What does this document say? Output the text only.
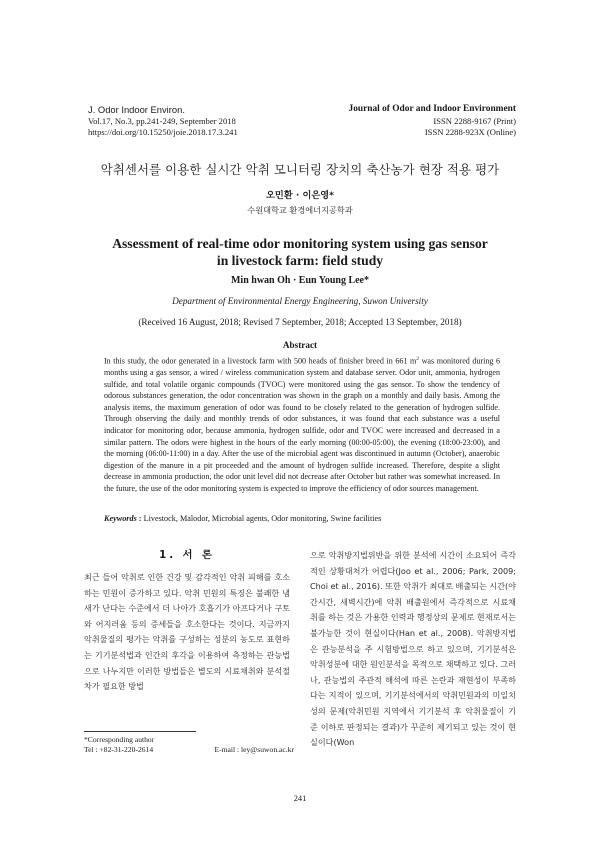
J. Odor Indoor Environ.
Vol.17, No.3, pp.241-249, September 2018
https://doi.org/10.15250/joie.2018.17.3.241
Journal of Odor and Indoor Environment
ISSN 2288-9167 (Print)
ISSN 2288-923X (Online)
악취센서를 이용한 실시간 악취 모니터링 장치의 축산농가 현장 적용 평가
오민환 · 이은영*
수원대학교 환경에너지공학과
Assessment of real-time odor monitoring system using gas sensor
in livestock farm: field study
Min hwan Oh · Eun Young Lee*
Department of Environmental Energy Engineering, Suwon University
(Received 16 August, 2018; Revised 7 September, 2018; Accepted 13 September, 2018)
Abstract
In this study, the odor generated in a livestock farm with 500 heads of finisher breed in 661 $m^2$ was monitored during 6 months using a gas sensor, a wired / wireless communication system and database server. Odor unit, ammonia, hydrogen sulfide, and total volatile organic compounds (TVOC) were monitored using the gas sensor. To show the tendency of odorous substances generation, the odor concentration was shown in the graph on a monthly and daily basis. Among the analysis items, the maximum generation of odor was found to be closely related to the generation of hydrogen sulfide. Through observing the daily and monthly trends of odor substances, it was found that each substance was a useful indicator for monitoring odor, because ammonia, hydrogen sulfide, odor and TVOC were increased and decreased in a similar pattern. The odors were highest in the hours of the early morning (00:00-05:00), the evening (18:00-23:00), and the morning (06:00-11:00) in a day. After the use of the microbial agent was discontinued in autumn (October), anaerobic digestion of the manure in a pit proceeded and the amount of hydrogen sulfide increased. Therefore, despite a slight decrease in ammonia production, the odor unit level did not decrease after October but rather was somewhat increased. In the future, the use of the odor monitoring system is expected to improve the efficiency of odor sources management.
Keywords : Livestock, Malodor, Microbial agents, Odor monitoring, Swine facilities
1. 서 론
최근 들어 악취로 인한 건강 및 감각적인 악취 피해를 호소하는 민원이 증가하고 있다. 악취 민원의 특징은 불쾌한 냄새가 난다는 수준에서 더 나아가 호흡기가 아프다거나 구토와 어지러움 등의 증세들을 호소한다는 것이다. 지금까지 악취물질의 평가는 악취를 구성하는 성분의 농도로 표현하는 기기분석법과 인간의 후각을 이용하여 측정하는 관능법으로 나누지만 이러한 방법들은 별도의 시료채취와 분석절차가 필요한 방법
으로 악취방지법위반을 위한 분석에 시간이 소요되어 즉각적인 상황대처가 어렵다(Joo et al., 2006; Park, 2009; Choi et al., 2016). 또한 악취가 최대로 배출되는 시간(야간시간, 새벽시간)에 악취 배출원에서 즉각적으로 시료채취를 하는 것은 가용한 인력과 행정상의 문제로 현재로서는 불가능한 것이 현실이다(Han et al., 2008). 악취방지법은 관능분석을 주 시험방법으로 하고 있으며, 기기분석은 악취성분에 대한 원인분석을 목적으로 채택하고 있다. 그러나, 관능법의 주관적 해석에 따른 논란과 재현성이 부족하다는 지적이 있으며, 기기분석에서의 악취민원과의 미일치성의 문제(악취민원 지역에서 기기분석 후 악취물질이 기준 이하로 판정되는 결과)가 꾸준히 제기되고 있는 것이 현실이다(Won
*Corresponding author
Tel : +82-31-220-2614	E-mail : ley@suwon.ac.kr
241
